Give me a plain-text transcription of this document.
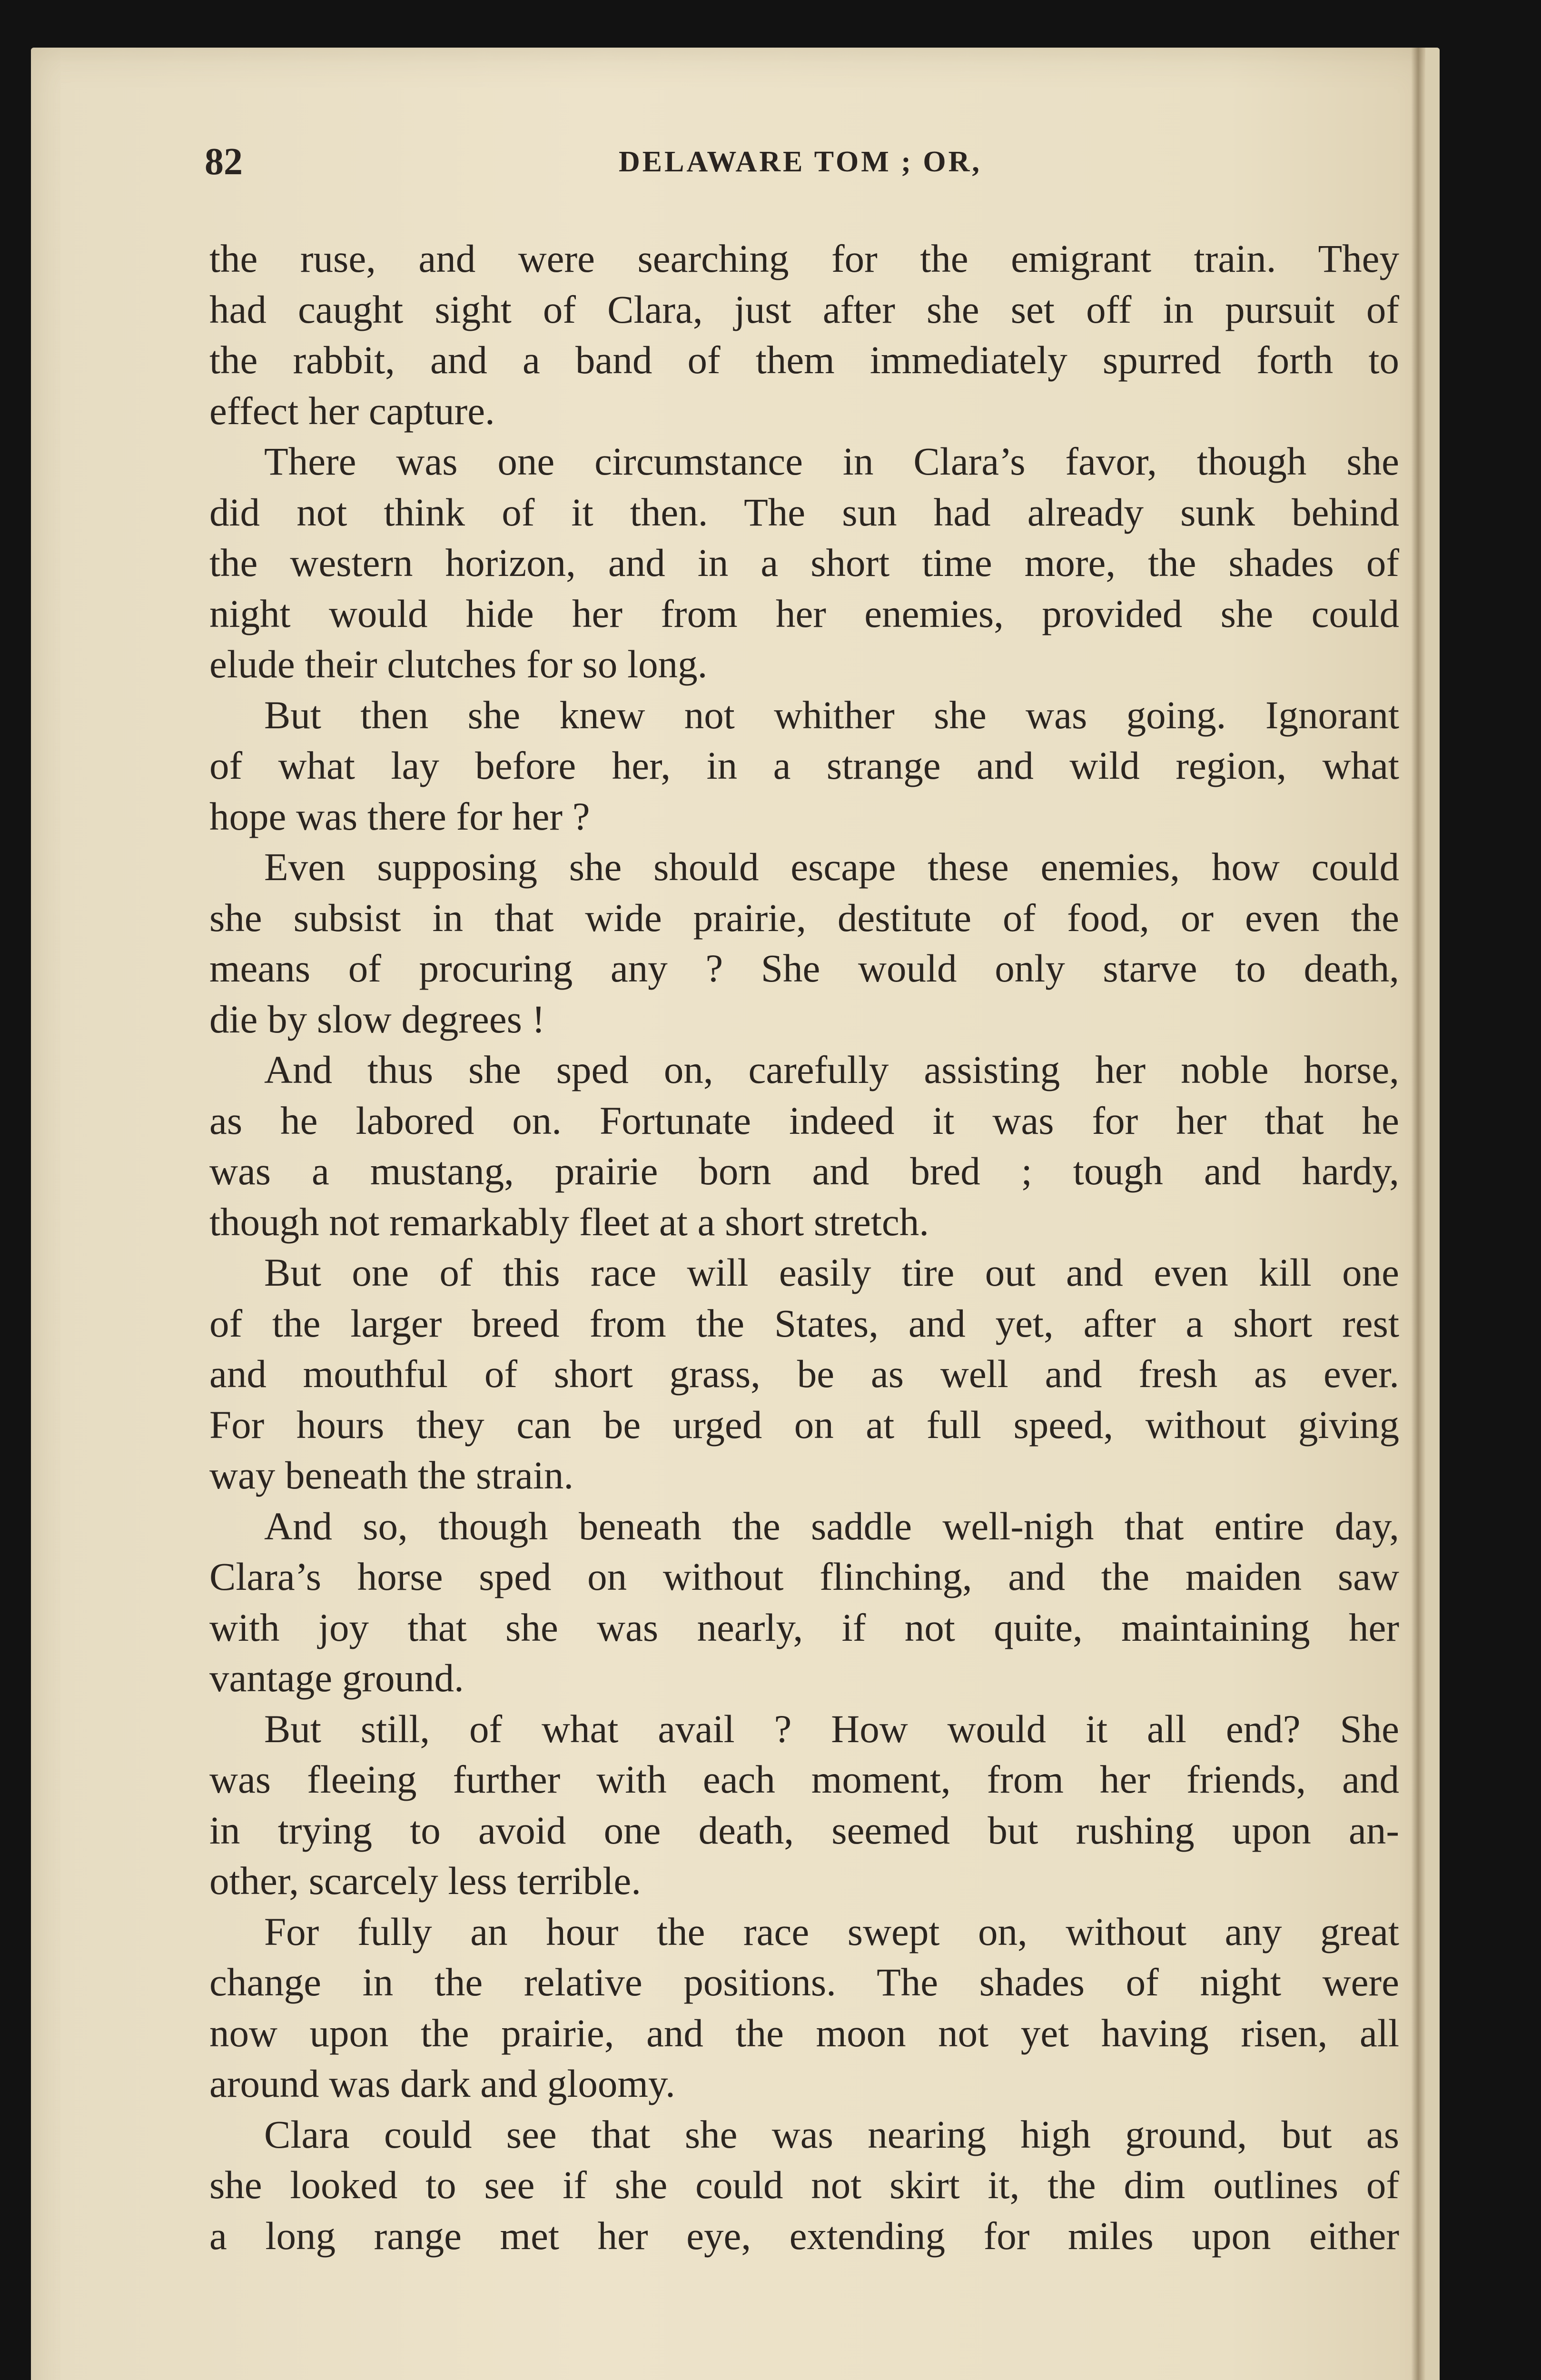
82	DELAWARE TOM ; OR,
the ruse, and were searching for the emigrant train. They
had caught sight of Clara, just after she set off in pursuit of
the rabbit, and a band of them immediately spurred forth to
effect her capture.
There was one circumstance in Clara’s favor, though she
did not think of it then. The sun had already sunk behind
the western horizon, and in a short time more, the shades of
night would hide her from her enemies, provided she could
elude their clutches for so long.
But then she knew not whither she was going. Ignorant
of what lay before her, in a strange and wild region, what
hope was there for her ?
Even supposing she should escape these enemies, how could
she subsist in that wide prairie, destitute of food, or even the
means of procuring any ? She would only starve to death,
die by slow degrees !
And thus she sped on, carefully assisting her noble horse,
as he labored on. Fortunate indeed it was for her that he
was a mustang, prairie born and bred ; tough and hardy,
though not remarkably fleet at a short stretch.
But one of this race will easily tire out and even kill one
of the larger breed from the States, and yet, after a short rest
and mouthful of short grass, be as well and fresh as ever.
For hours they can be urged on at full speed, without giving
way beneath the strain.
And so, though beneath the saddle well-nigh that entire day,
Clara’s horse sped on without flinching, and the maiden saw
with joy that she was nearly, if not quite, maintaining her
vantage ground.
But still, of what avail ? How would it all end? She
was fleeing further with each moment, from her friends, and
in trying to avoid one death, seemed but rushing upon an-
other, scarcely less terrible.
For fully an hour the race swept on, without any great
change in the relative positions. The shades of night were
now upon the prairie, and the moon not yet having risen, all
around was dark and gloomy.
Clara could see that she was nearing high ground, but as
she looked to see if she could not skirt it, the dim outlines of
a long range met her eye, extending for miles upon either
